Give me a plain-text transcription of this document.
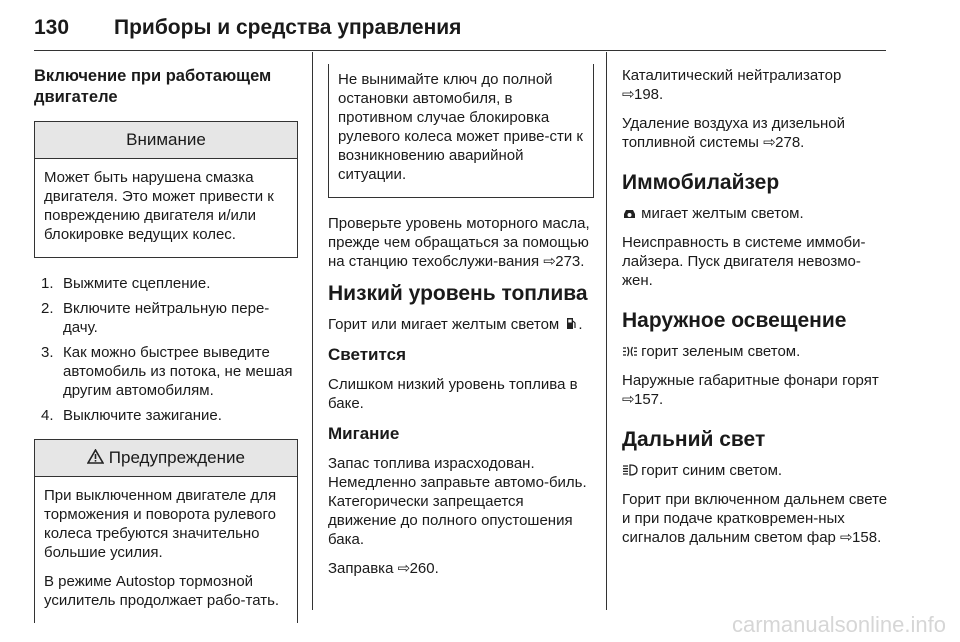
130 Приборы и средства управления
Включение при работающем двигателе
Внимание

Может быть нарушена смазка двигателя. Это может привести к повреждению двигателя и/или блокировке ведущих колес.

1. Выжмите сцепление.
2. Включите нейтральную пере-дачу.
3. Как можно быстрее выведите автомобиль из потока, не мешая другим автомобилям.
4. Выключите зажигание.
Предупреждение

При выключенном двигателе для торможения и поворота рулевого колеса требуются значительно большие усилия.

В режиме Autostop тормозной усилитель продолжает рабо-тать.

Не вынимайте ключ до полной остановки автомобиля, в противном случае блокировка рулевого колеса может приве-сти к возникновению аварийной ситуации.

Проверьте уровень моторного масла, прежде чем обращаться за помощью на станцию техобслужи-вания ⇨273.

Низкий уровень топлива

Горит или мигает желтым светом .

Светится

Слишком низкий уровень топлива в баке.

Мигание

Запас топлива израсходован. Немедленно заправьте автомо-биль. Категорически запрещается движение до полного опустошения бака.

Заправка ⇨260.

Каталитический нейтрализатор
⇨198.

Удаление воздуха из дизельной топливной системы ⇨278.

Иммобилайзер

мигает желтым светом.

Неисправность в системе иммоби-лайзера. Пуск двигателя невозмо-жен.

Наружное освещение

горит зеленым светом.

Наружные габаритные фонари горят ⇨157.

Дальний свет

горит синим светом.

Горит при включенном дальнем свете и при подаче кратковремен-ных сигналов дальним светом фар ⇨158.

carmanualsonline.info
